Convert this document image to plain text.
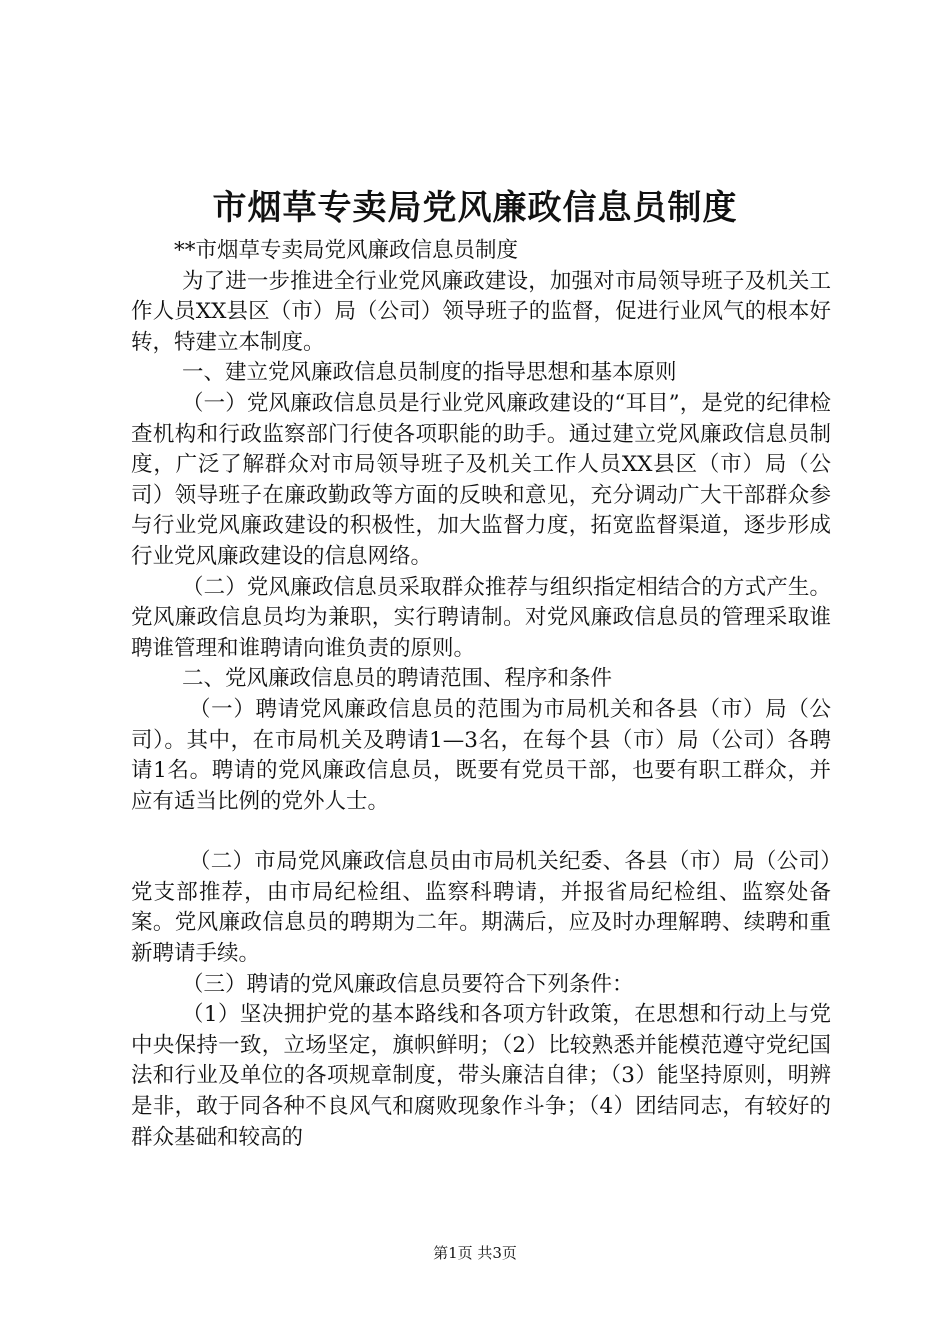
市烟草专卖局党风廉政信息员制度

**市烟草专卖局党风廉政信息员制度

为了进一步推进全行业党风廉政建设，加强对市局领导班子及机关工作人员XX县区（市）局（公司）领导班子的监督，促进行业风气的根本好转，特建立本制度。

一、建立党风廉政信息员制度的指导思想和基本原则

（一）党风廉政信息员是行业党风廉政建设的“耳目”，是党的纪律检查机构和行政监察部门行使各项职能的助手。通过建立党风廉政信息员制度，广泛了解群众对市局领导班子及机关工作人员XX县区（市）局（公司）领导班子在廉政勤政等方面的反映和意见，充分调动广大干部群众参与行业党风廉政建设的积极性，加大监督力度，拓宽监督渠道，逐步形成行业党风廉政建设的信息网络。

（二）党风廉政信息员采取群众推荐与组织指定相结合的方式产生。党风廉政信息员均为兼职，实行聘请制。对党风廉政信息员的管理采取谁聘谁管理和谁聘请向谁负责的原则。

二、党风廉政信息员的聘请范围、程序和条件

（一）聘请党风廉政信息员的范围为市局机关和各县（市）局（公司）。其中，在市局机关及聘请1—3名，在每个县（市）局（公司）各聘请1名。聘请的党风廉政信息员，既要有党员干部，也要有职工群众，并应有适当比例的党外人士。

（二）市局党风廉政信息员由市局机关纪委、各县（市）局（公司）党支部推荐，由市局纪检组、监察科聘请，并报省局纪检组、监察处备案。党风廉政信息员的聘期为二年。期满后，应及时办理解聘、续聘和重新聘请手续。

（三）聘请的党风廉政信息员要符合下列条件：

（1）坚决拥护党的基本路线和各项方针政策，在思想和行动上与党中央保持一致，立场坚定，旗帜鲜明；（2）比较熟悉并能模范遵守党纪国法和行业及单位的各项规章制度，带头廉洁自律；（3）能坚持原则，明辨是非，敢于同各种不良风气和腐败现象作斗争；（4）团结同志，有较好的群众基础和较高的

第1页 共3页
